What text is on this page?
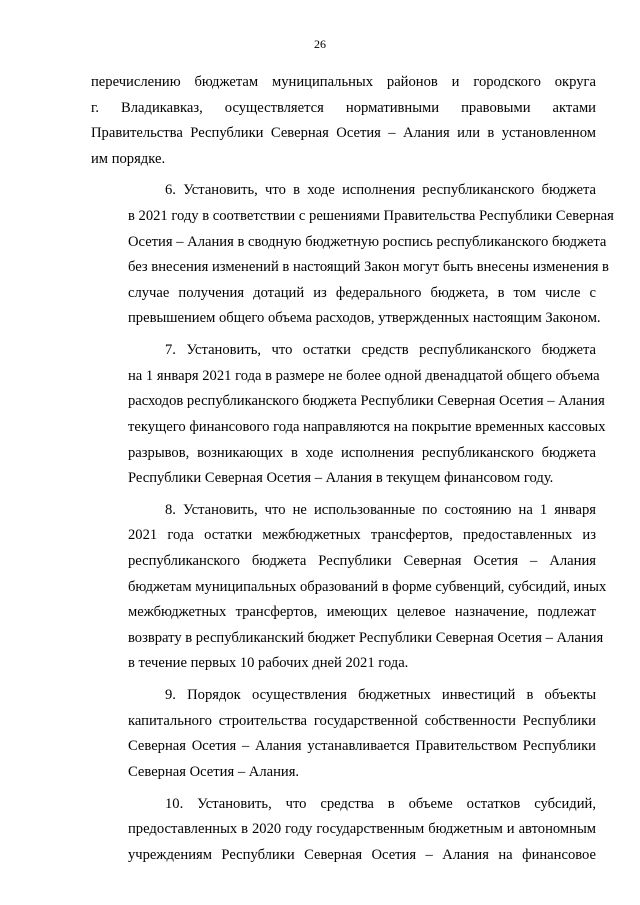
26
перечислению бюджетам муниципальных районов и городского округа
г. Владикавказ, осуществляется нормативными правовыми актами
Правительства Республики Северная Осетия – Алания или в установленном
им порядке.
6. Установить, что в ходе исполнения республиканского бюджета
в 2021 году в соответствии с решениями Правительства Республики Северная
Осетия – Алания в сводную бюджетную роспись республиканского бюджета
без внесения изменений в настоящий Закон могут быть внесены изменения в
случае получения дотаций из федерального бюджета, в том числе с
превышением общего объема расходов, утвержденных настоящим Законом.
7. Установить, что остатки средств республиканского бюджета
на 1 января 2021 года в размере не более одной двенадцатой общего объема
расходов республиканского бюджета Республики Северная Осетия – Алания
текущего финансового года направляются на покрытие временных кассовых
разрывов, возникающих в ходе исполнения республиканского бюджета
Республики Северная Осетия – Алания в текущем финансовом году.
8. Установить, что не использованные по состоянию на 1 января
2021 года остатки межбюджетных трансфертов, предоставленных из
республиканского бюджета Республики Северная Осетия – Алания
бюджетам муниципальных образований в форме субвенций, субсидий, иных
межбюджетных трансфертов, имеющих целевое назначение, подлежат
возврату в республиканский бюджет Республики Северная Осетия – Алания
в течение первых 10 рабочих дней 2021 года.
9. Порядок осуществления бюджетных инвестиций в объекты
капитального строительства государственной собственности Республики
Северная Осетия – Алания устанавливается Правительством Республики
Северная Осетия – Алания.
10. Установить, что средства в объеме остатков субсидий,
предоставленных в 2020 году государственным бюджетным и автономным
учреждениям Республики Северная Осетия – Алания на финансовое
